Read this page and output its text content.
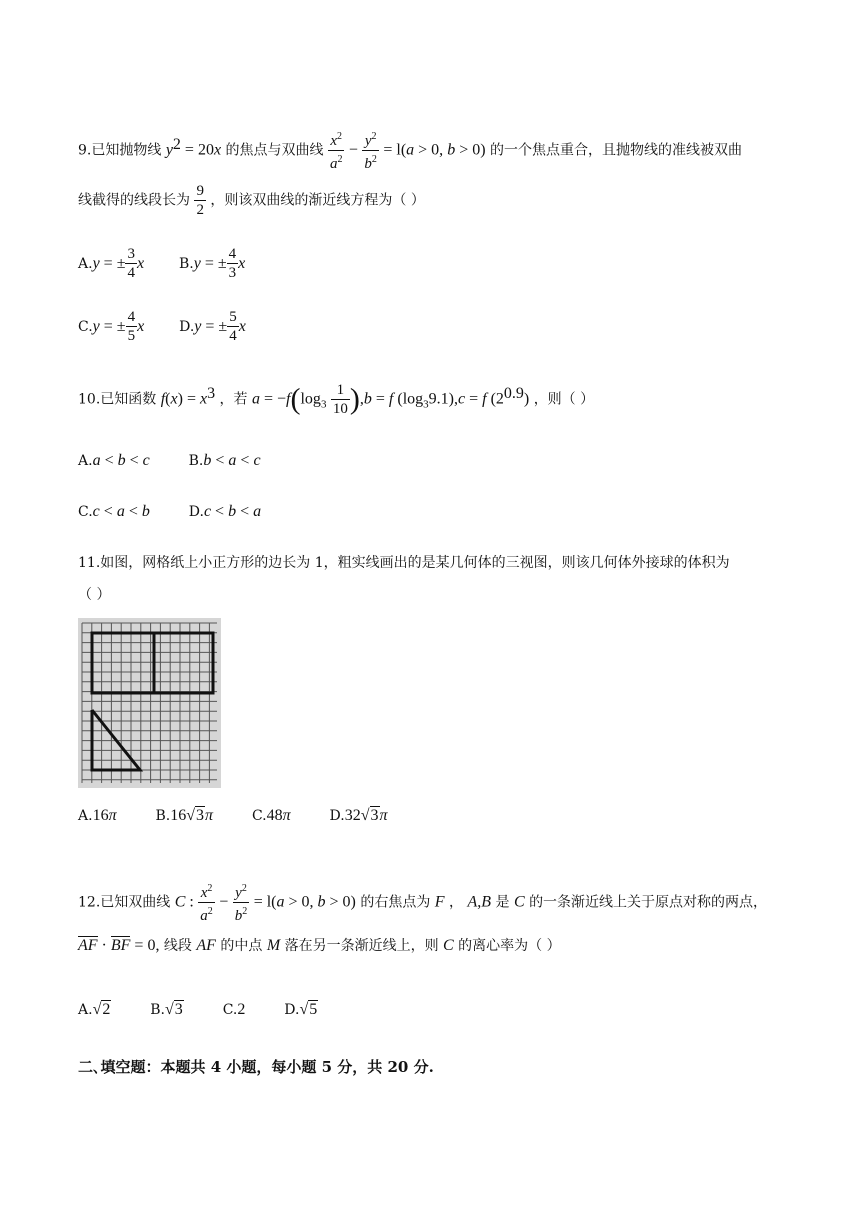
9.已知抛物线 $y^2 = 20x$ 的焦点与双曲线 $\frac{x^2}{a^2} - \frac{y^2}{b^2} = l(a > 0$, b > 0) 的一个焦点重合，且抛物线的准线被双曲
线截得的线段长为 $\frac{9}{2}$ ，则该双曲线的渐近线方程为（ ）
A.y = ± $\frac{3}{4}$ x B.y = ± $\frac{4}{3}$ x
C.y = ± $\frac{4}{5}$ x D.y = ± $\frac{5}{4}$ x
10.已知函数 $f(x) = x^3$ ，若 $a = -f(\log_3 \frac{1}{10} ),b = f$ $(\log_39.1),c = f$ $(2^{0.9})$ ，则（ ）
A.a < b < c	B.b < a < c
C.c < a < b	D.c < b < a
11.如图，网格纸上小正方形的边长为 1，粗实线画出的是某几何体的三视图，则该几何体外接球的体积为
（ ）
A.16π	B.16√3π	C.48π	D.32√3π
12.已知双曲线 C : $\frac{x^2}{a^2} - \frac{y^2}{b^2} = l(a > 0$, b > 0) 的右焦点为 F ， A,B 是 C 的一条渐近线上关于原点对称的两点，
AF · BF = 0, 线段 AF 的中点 M 落在另一条渐近线上，则 C 的离心率为（ ）
A.√2	B.√3	C.2	D.√5
二､填空题：本题共 4 小题，每小题 5 分，共 20 分.
